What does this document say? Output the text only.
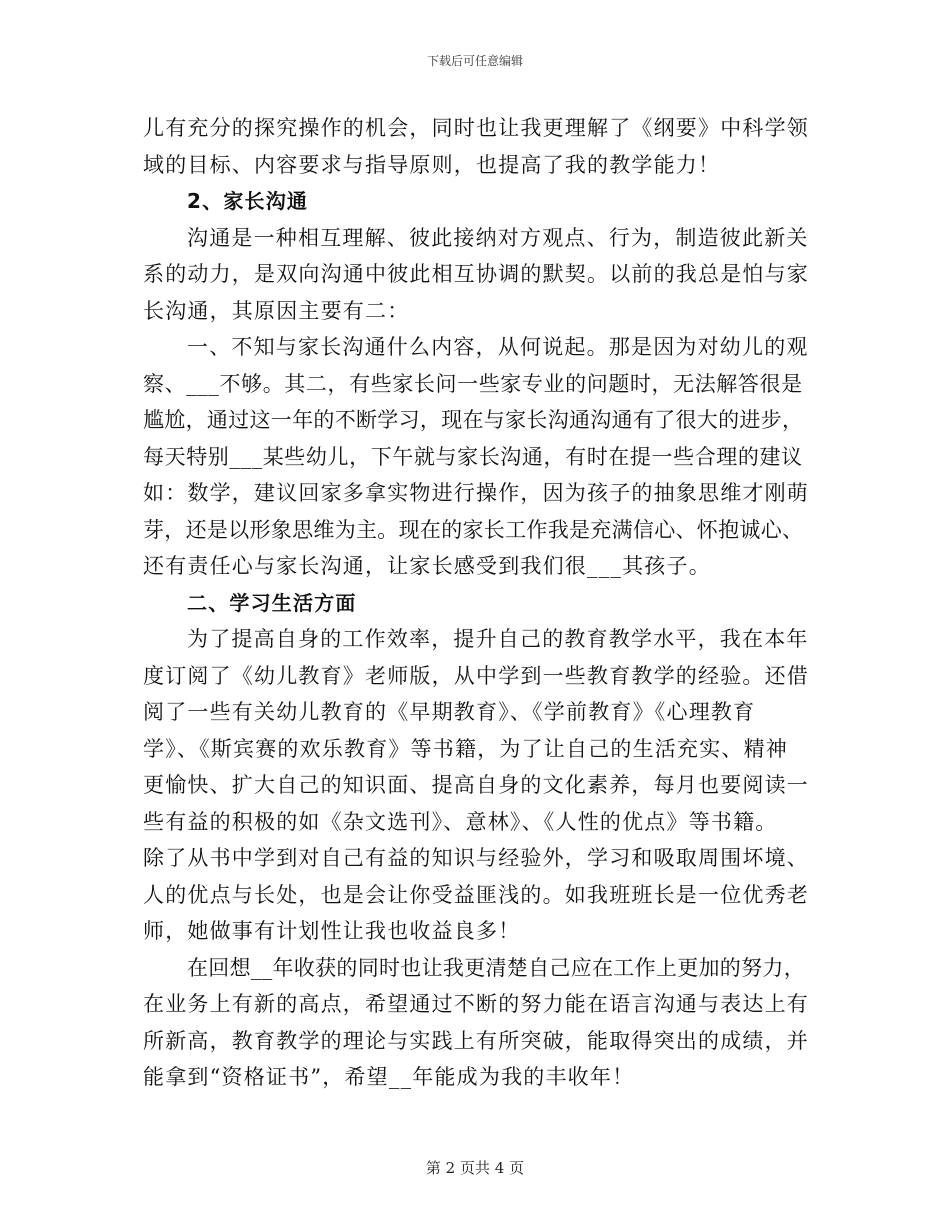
下载后可任意编辑
儿有充分的探究操作的机会，同时也让我更理解了《纲要》中科学领
域的目标、内容要求与指导原则，也提高了我的教学能力！
2、家长沟通
沟通是一种相互理解、彼此接纳对方观点、行为，制造彼此新关
系的动力，是双向沟通中彼此相互协调的默契。以前的我总是怕与家
长沟通，其原因主要有二：
一、不知与家长沟通什么内容，从何说起。那是因为对幼儿的观
察、___不够。其二，有些家长问一些家专业的问题时，无法解答很是
尴尬，通过这一年的不断学习，现在与家长沟通沟通有了很大的进步，
每天特别___某些幼儿，下午就与家长沟通，有时在提一些合理的建议
如：数学，建议回家多拿实物进行操作，因为孩子的抽象思维才刚萌
芽，还是以形象思维为主。现在的家长工作我是充满信心、怀抱诚心、
还有责任心与家长沟通，让家长感受到我们很___其孩子。
二、学习生活方面
为了提高自身的工作效率，提升自己的教育教学水平，我在本年
度订阅了《幼儿教育》老师版，从中学到一些教育教学的经验。还借
阅了一些有关幼儿教育的《早期教育》、《学前教育》《心理教育
学》、《斯宾赛的欢乐教育》等书籍，为了让自己的生活充实、精神
更愉快、扩大自己的知识面、提高自身的文化素养，每月也要阅读一
些有益的积极的如《杂文选刊》、意林》、《人性的优点》等书籍。
除了从书中学到对自己有益的知识与经验外，学习和吸取周围坏境、
人的优点与长处，也是会让你受益匪浅的。如我班班长是一位优秀老
师，她做事有计划性让我也收益良多！
在回想__年收获的同时也让我更清楚自己应在工作上更加的努力，
在业务上有新的高点，希望通过不断的努力能在语言沟通与表达上有
所新高，教育教学的理论与实践上有所突破，能取得突出的成绩，并
能拿到“资格证书”，希望__年能成为我的丰收年！
第 2 页共 4 页
